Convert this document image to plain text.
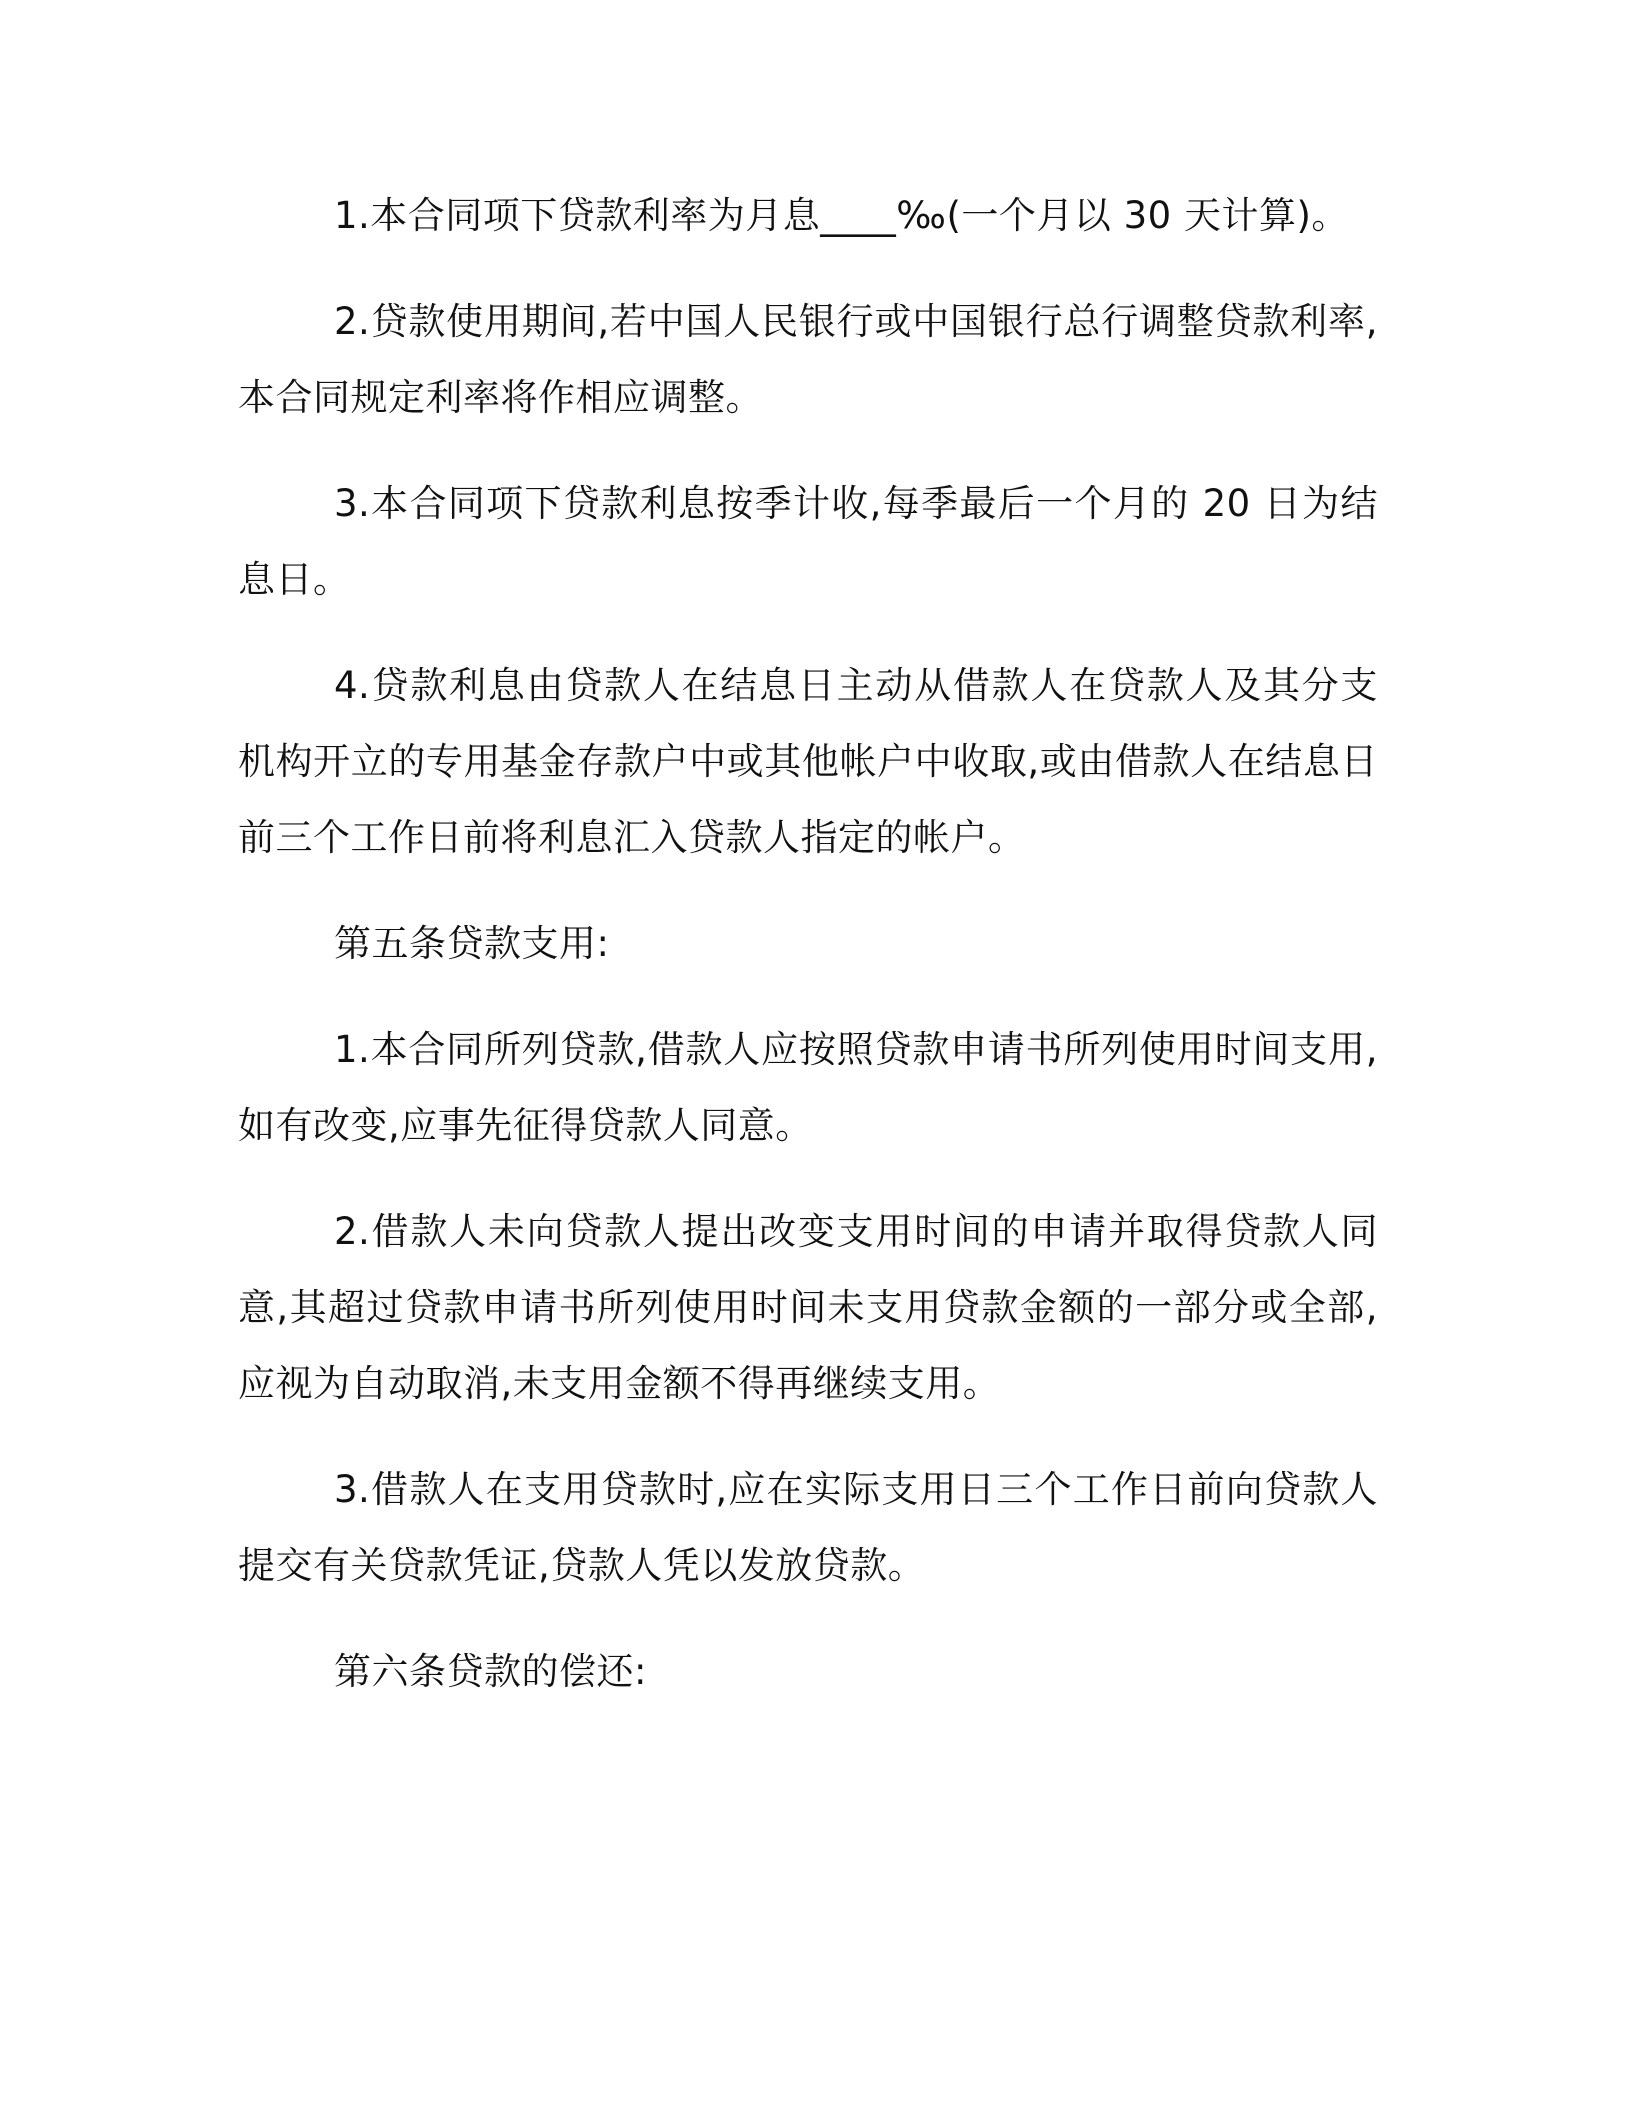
1.本合同项下贷款利率为月息____‰(一个月以 30 天计算)。

2.贷款使用期间,若中国人民银行或中国银行总行调整贷款利率,本合同规定利率将作相应调整。

3.本合同项下贷款利息按季计收,每季最后一个月的 20 日为结息日。

4.贷款利息由贷款人在结息日主动从借款人在贷款人及其分支机构开立的专用基金存款户中或其他帐户中收取,或由借款人在结息日前三个工作日前将利息汇入贷款人指定的帐户。

第五条贷款支用:

1.本合同所列贷款,借款人应按照贷款申请书所列使用时间支用,如有改变,应事先征得贷款人同意。

2.借款人未向贷款人提出改变支用时间的申请并取得贷款人同意,其超过贷款申请书所列使用时间未支用贷款金额的一部分或全部,应视为自动取消,未支用金额不得再继续支用。

3.借款人在支用贷款时,应在实际支用日三个工作日前向贷款人提交有关贷款凭证,贷款人凭以发放贷款。

第六条贷款的偿还:
